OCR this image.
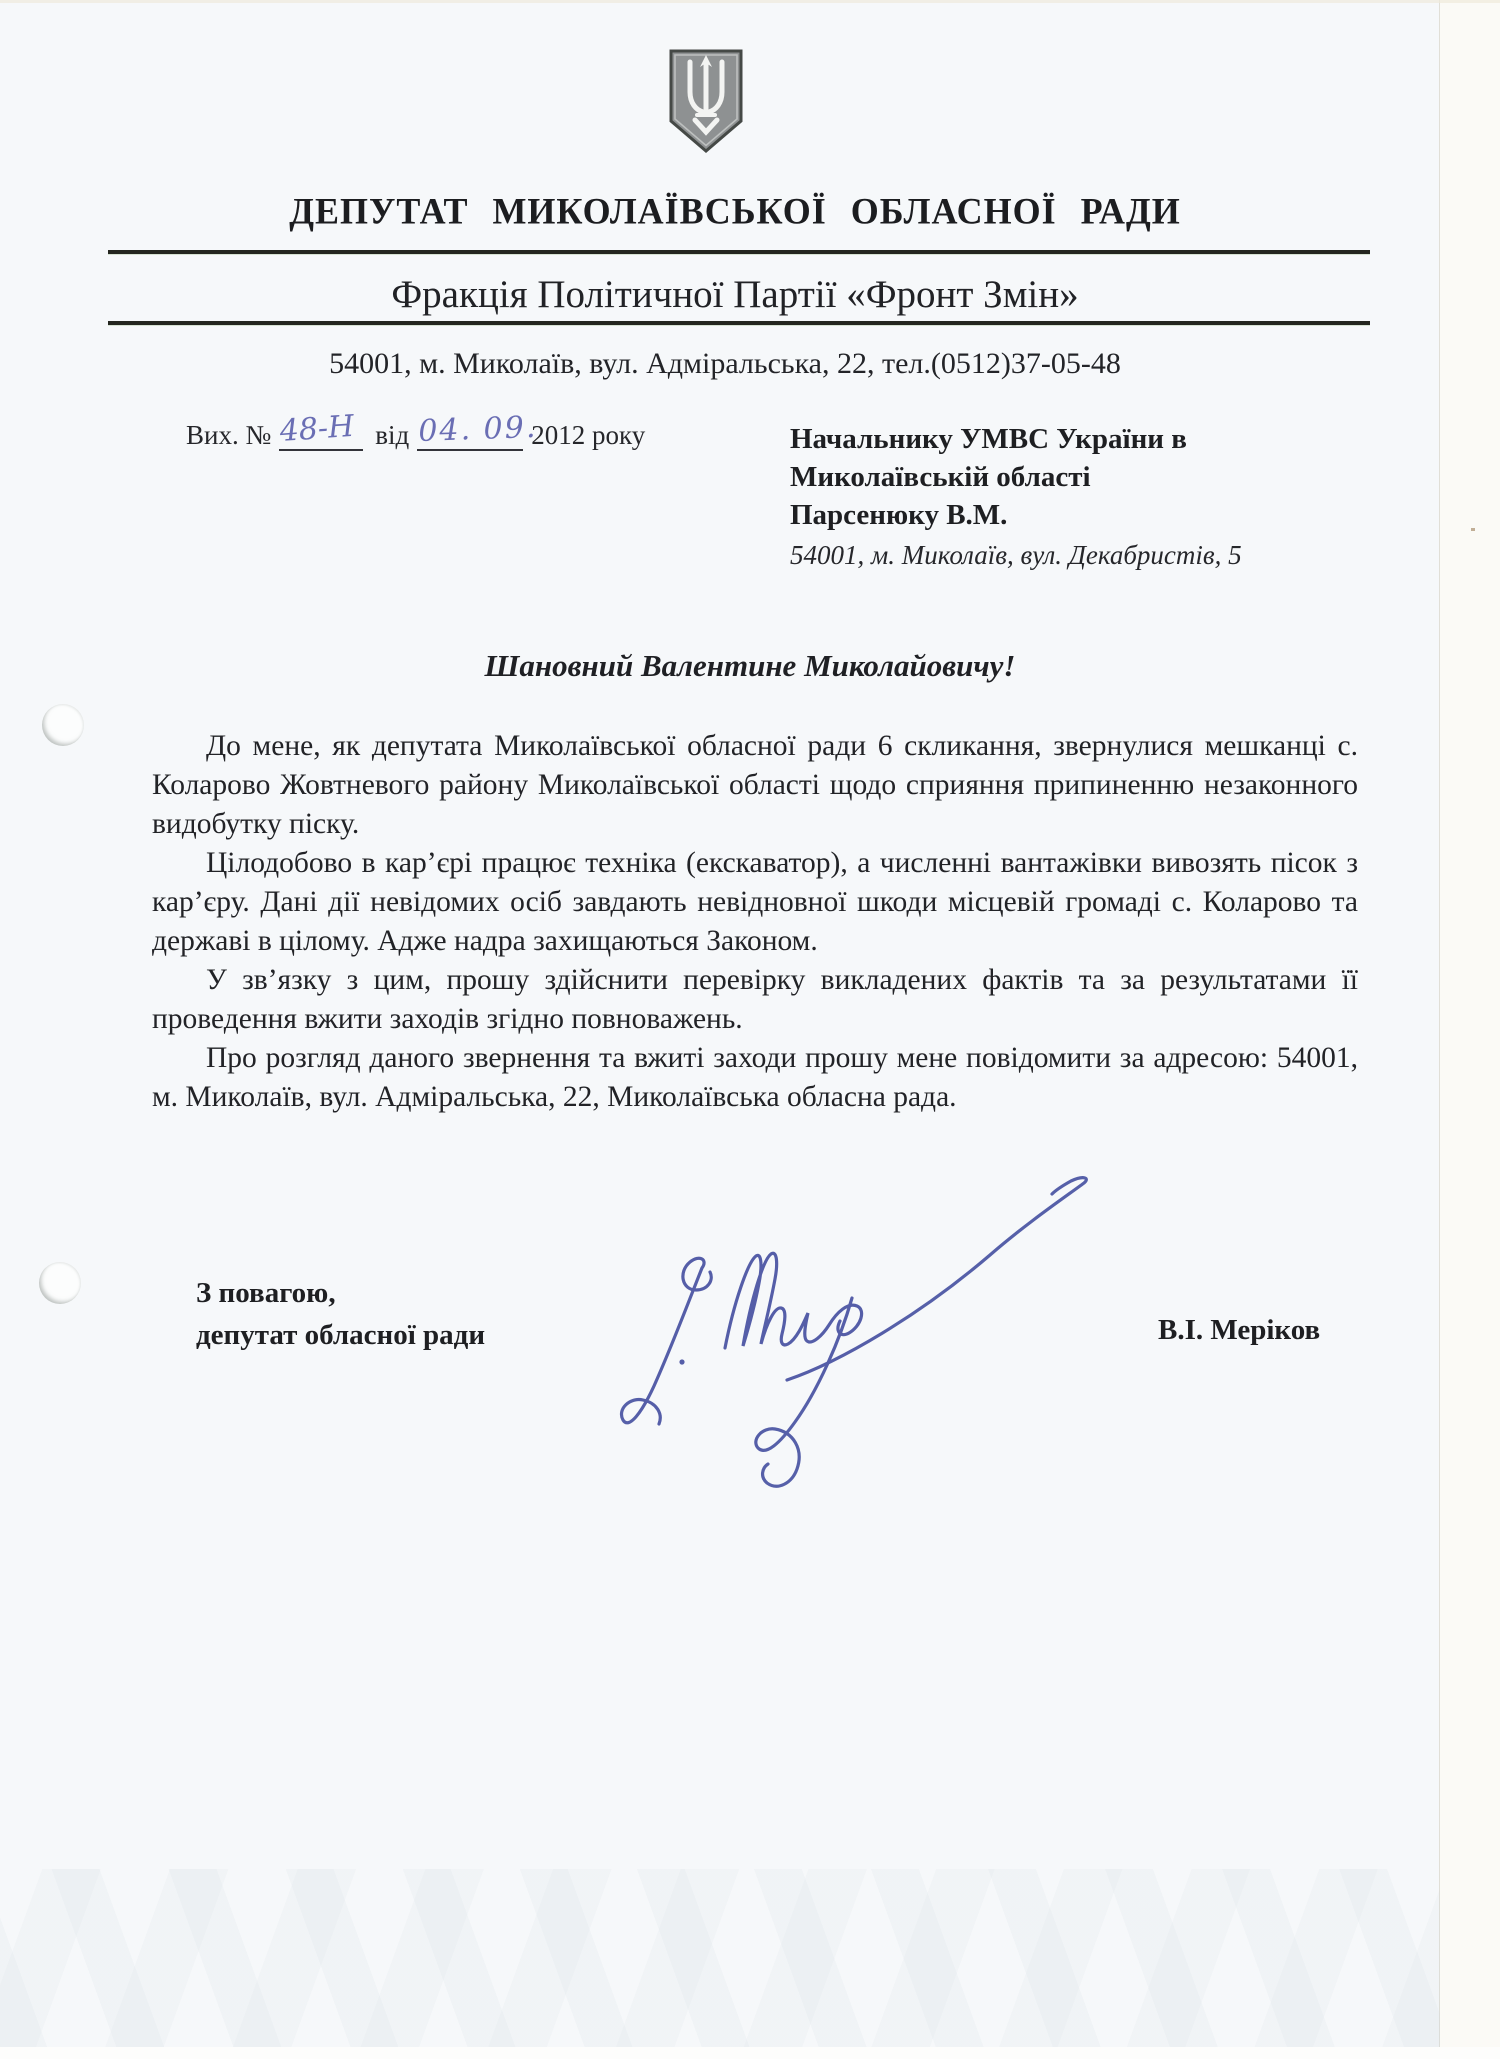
ДЕПУТАТ МИКОЛАЇВСЬКОЇ ОБЛАСНОЇ РАДИ
Фракція Політичної Партії «Фронт Змін»
54001, м. Миколаїв, вул. Адміральська, 22, тел.(0512)37-05-48
Вих. № 48-Н від 04. 09.
2012 року	Начальнику УМВС України в
Миколаївській області
Парсенюку В.М.
54001, м. Миколаїв, вул. Декабристів, 5
Шановний Валентине Миколайовичу!

До мене, як депутата Миколаївської обласної ради 6 скликання, звернулися мешканці с. Коларово Жовтневого району Миколаївської області щодо сприяння припиненню незаконного видобутку піску.

Цілодобово в кар’єрі працює техніка (екскаватор), а численні вантажівки вивозять пісок з кар’єру. Дані дії невідомих осіб завдають невідновної шкоди місцевій громаді с. Коларово та державі в цілому. Адже надра захищаються Законом.

У зв’язку з цим, прошу здійснити перевірку викладених фактів та за результатами її проведення вжити заходів згідно повноважень.

Про розгляд даного звернення та вжиті заходи прошу мене повідомити за адресою: 54001, м. Миколаїв, вул. Адміральська, 22, Миколаївська обласна рада.

З повагою,
депутат обласної ради	В.І. Меріков
